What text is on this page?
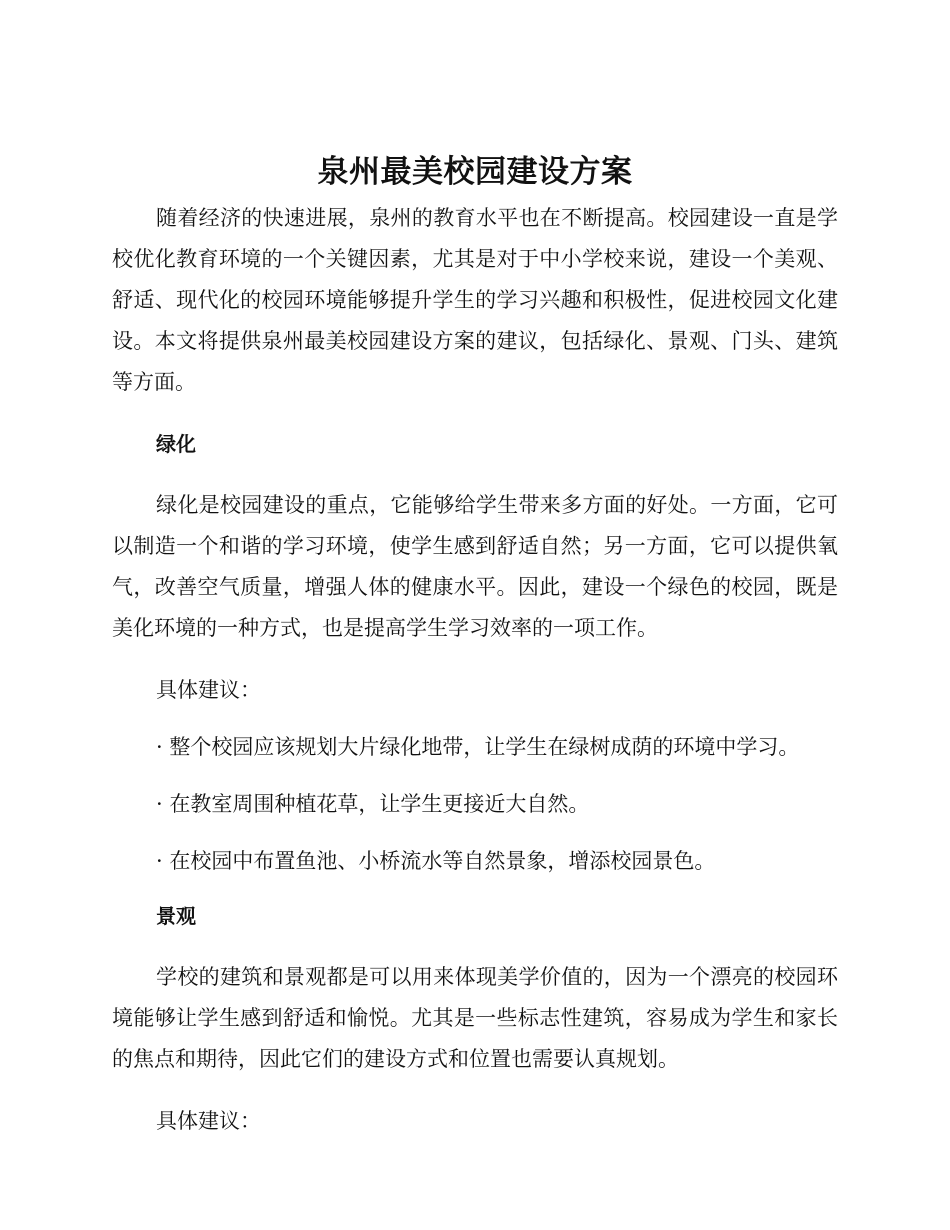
泉州最美校园建设方案

随着经济的快速进展，泉州的教育水平也在不断提高。校园建设一直是学校优化教育环境的一个关键因素，尤其是对于中小学校来说，建设一个美观、舒适、现代化的校园环境能够提升学生的学习兴趣和积极性，促进校园文化建设。本文将提供泉州最美校园建设方案的建议，包括绿化、景观、门头、建筑等方面。

绿化

绿化是校园建设的重点，它能够给学生带来多方面的好处。一方面，它可以制造一个和谐的学习环境，使学生感到舒适自然；另一方面，它可以提供氧气，改善空气质量，增强人体的健康水平。因此，建设一个绿色的校园，既是美化环境的一种方式，也是提高学生学习效率的一项工作。

具体建议：

· 整个校园应该规划大片绿化地带，让学生在绿树成荫的环境中学习。

· 在教室周围种植花草，让学生更接近大自然。

· 在校园中布置鱼池、小桥流水等自然景象，增添校园景色。

景观

学校的建筑和景观都是可以用来体现美学价值的，因为一个漂亮的校园环境能够让学生感到舒适和愉悦。尤其是一些标志性建筑，容易成为学生和家长的焦点和期待，因此它们的建设方式和位置也需要认真规划。

具体建议：
